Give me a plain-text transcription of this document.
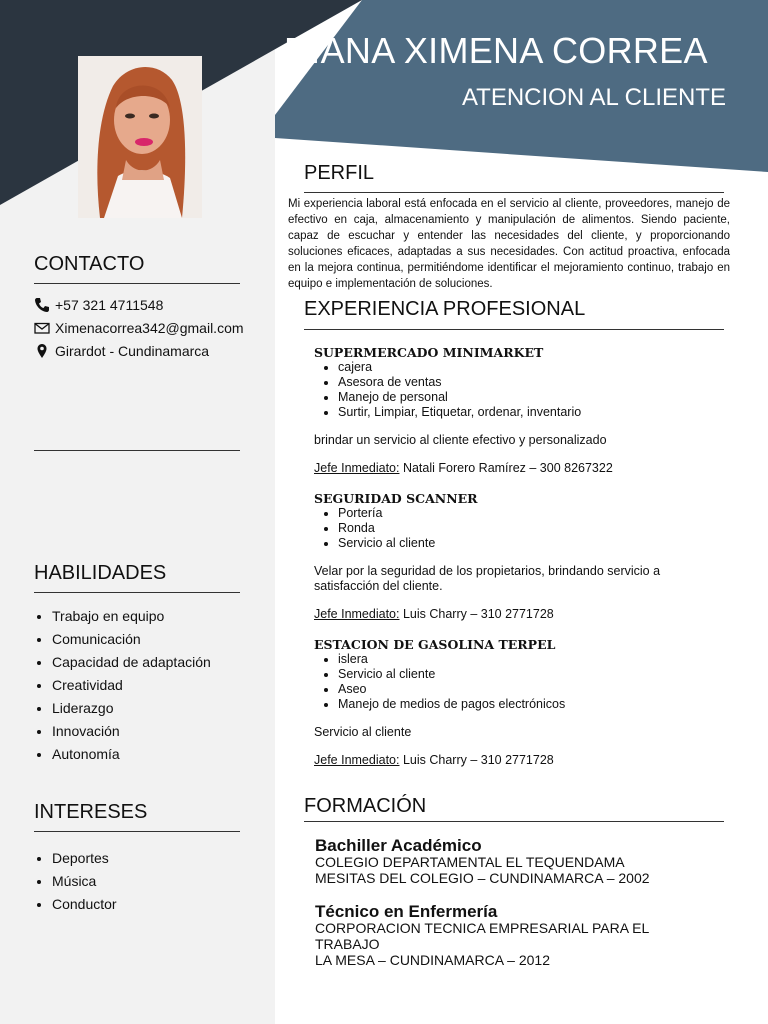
DIANA XIMENA CORREA
ATENCION AL CLIENTE
CONTACTO
+57 321 4711548
Ximenacorrea342@gmail.com
Girardot - Cundinamarca
HABILIDADES
• Trabajo en equipo
• Comunicación
• Capacidad de adaptación
• Creatividad
• Liderazgo
• Innovación
• Autonomía
INTERESES
• Deportes
• Música
• Conductor
PERFIL

Mi experiencia laboral está enfocada en el servicio al cliente, proveedores, manejo de efectivo en caja, almacenamiento y manipulación de alimentos. Siendo paciente, capaz de escuchar y entender las necesidades del cliente, y proporcionando soluciones eficaces, adaptadas a sus necesidades. Con actitud proactiva, enfocada en la mejora continua, permitiéndome identificar el mejoramiento continuo, trabajo en equipo e implementación de soluciones.

EXPERIENCIA PROFESIONAL

SUPERMERCADO MINIMARKET

• cajera
• Asesora de ventas
• Manejo de personal
• Surtir, Limpiar, Etiquetar, ordenar, inventario

brindar un servicio al cliente efectivo y personalizado

Jefe Inmediato: Natali Forero Ramírez – 300 8267322

SEGURIDAD SCANNER

• Portería
• Ronda
• Servicio al cliente

Velar por la seguridad de los propietarios, brindando servicio a satisfacción del cliente.

Jefe Inmediato: Luis Charry – 310 2771728

ESTACION DE GASOLINA TERPEL

• islera
• Servicio al cliente
• Aseo
• Manejo de medios de pagos electrónicos

Servicio al cliente

Jefe Inmediato: Luis Charry – 310 2771728

FORMACIÓN

Bachiller Académico

COLEGIO DEPARTAMENTAL EL TEQUENDAMA

MESITAS DEL COLEGIO – CUNDINAMARCA – 2002

Técnico en Enfermería

CORPORACION TECNICA EMPRESARIAL PARA EL TRABAJO

LA MESA – CUNDINAMARCA – 2012
